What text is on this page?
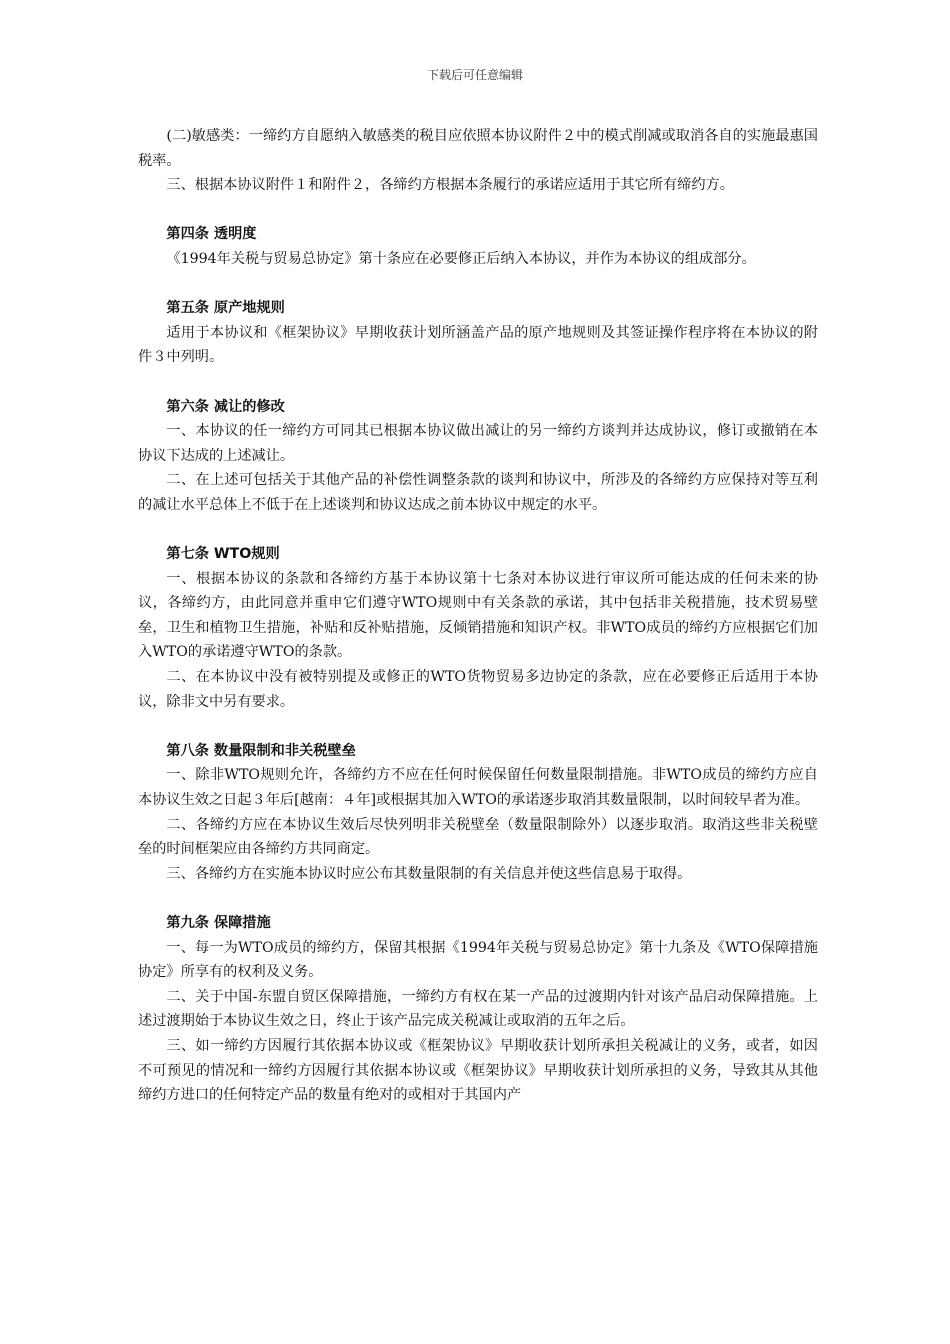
下载后可任意编辑

(二)敏感类：一缔约方自愿纳入敏感类的税目应依照本协议附件２中的模式削减或取消各自的实施最惠国税率。

三、根据本协议附件１和附件２，各缔约方根据本条履行的承诺应适用于其它所有缔约方。

第四条 透明度

《1994年关税与贸易总协定》第十条应在必要修正后纳入本协议，并作为本协议的组成部分。

第五条 原产地规则

适用于本协议和《框架协议》早期收获计划所涵盖产品的原产地规则及其签证操作程序将在本协议的附件３中列明。

第六条 减让的修改

一、本协议的任一缔约方可同其已根据本协议做出减让的另一缔约方谈判并达成协议，修订或撤销在本协议下达成的上述减让。

二、在上述可包括关于其他产品的补偿性调整条款的谈判和协议中，所涉及的各缔约方应保持对等互利的减让水平总体上不低于在上述谈判和协议达成之前本协议中规定的水平。

第七条 WTO规则

一、根据本协议的条款和各缔约方基于本协议第十七条对本协议进行审议所可能达成的任何未来的协议，各缔约方，由此同意并重申它们遵守WTO规则中有关条款的承诺，其中包括非关税措施，技术贸易壁垒，卫生和植物卫生措施，补贴和反补贴措施，反倾销措施和知识产权。非WTO成员的缔约方应根据它们加入WTO的承诺遵守WTO的条款。

二、在本协议中没有被特别提及或修正的WTO货物贸易多边协定的条款，应在必要修正后适用于本协议，除非文中另有要求。

第八条 数量限制和非关税壁垒

一、除非WTO规则允许，各缔约方不应在任何时候保留任何数量限制措施。非WTO成员的缔约方应自本协议生效之日起３年后[越南：４年]或根据其加入WTO的承诺逐步取消其数量限制，以时间较早者为准。

二、各缔约方应在本协议生效后尽快列明非关税壁垒（数量限制除外）以逐步取消。取消这些非关税壁垒的时间框架应由各缔约方共同商定。

三、各缔约方在实施本协议时应公布其数量限制的有关信息并使这些信息易于取得。

第九条 保障措施

一、每一为WTO成员的缔约方，保留其根据《1994年关税与贸易总协定》第十九条及《WTO保障措施协定》所享有的权利及义务。

二、关于中国-东盟自贸区保障措施，一缔约方有权在某一产品的过渡期内针对该产品启动保障措施。上述过渡期始于本协议生效之日，终止于该产品完成关税减让或取消的五年之后。

三、如一缔约方因履行其依据本协议或《框架协议》早期收获计划所承担关税减让的义务，或者，如因不可预见的情况和一缔约方因履行其依据本协议或《框架协议》早期收获计划所承担的义务，导致其从其他缔约方进口的任何特定产品的数量有绝对的或相对于其国内产
